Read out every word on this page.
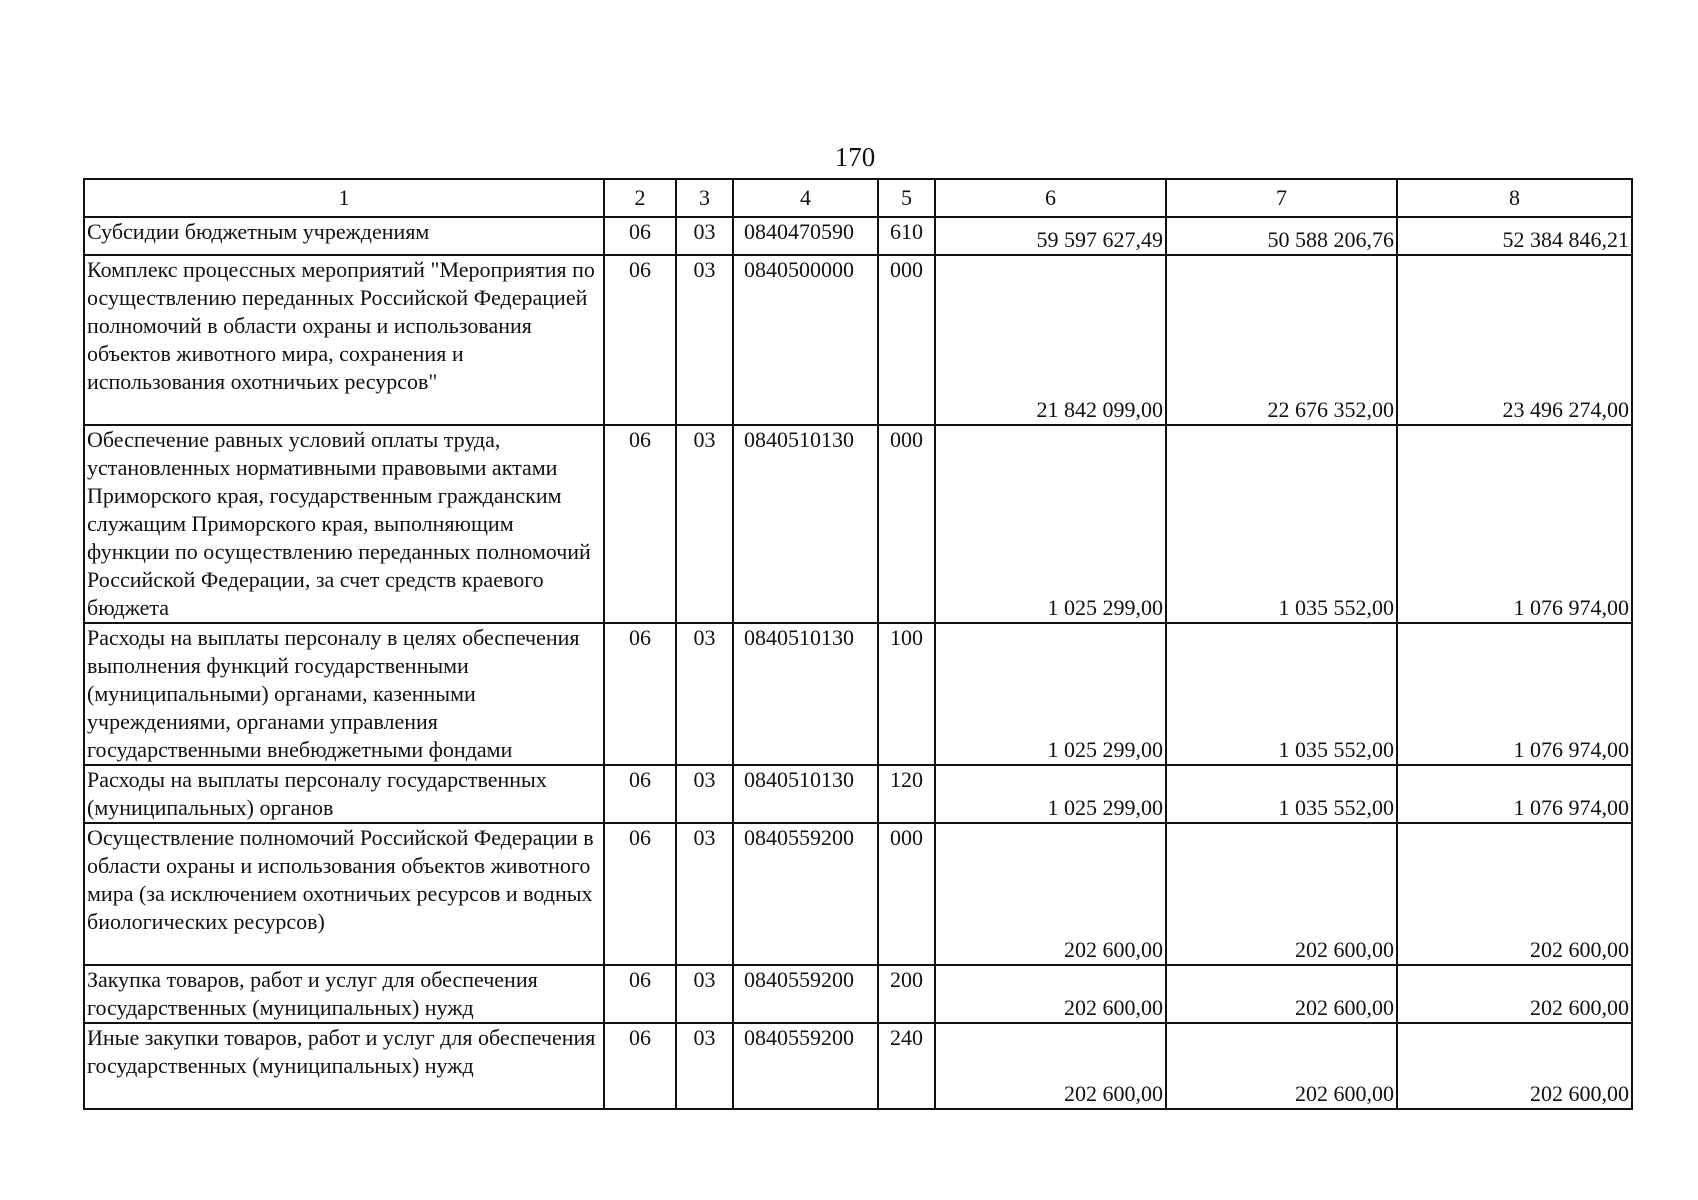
170
1	2	3	4	5	6	7	8
Субсидии бюджетным учреждениям	06	03	0840470590	610	59 597 627,49	50 588 206,76	52 384 846,21
Комплекс процессных мероприятий "Мероприятия по осуществлению переданных Российской Федерацией полномочий в области охраны и использования объектов животного мира, сохранения и использования охотничьих ресурсов"	06	03	0840500000	000	21 842 099,00	22 676 352,00	23 496 274,00
Обеспечение равных условий оплаты труда, установленных нормативными правовыми актами Приморского края, государственным гражданским служащим Приморского края, выполняющим функции по осуществлению переданных полномочий Российской Федерации, за счет средств краевого бюджета	06	03	0840510130	000	1 025 299,00	1 035 552,00	1 076 974,00
Расходы на выплаты персоналу в целях обеспечения выполнения функций государственными (муниципальными) органами, казенными учреждениями, органами управления государственными внебюджетными фондами	06	03	0840510130	100	1 025 299,00	1 035 552,00	1 076 974,00
Расходы на выплаты персоналу государственных (муниципальных) органов	06	03	0840510130	120	1 025 299,00	1 035 552,00	1 076 974,00
Осуществление полномочий Российской Федерации в области охраны и использования объектов животного мира (за исключением охотничьих ресурсов и водных биологических ресурсов)	06	03	0840559200	000	202 600,00	202 600,00	202 600,00
Закупка товаров, работ и услуг для обеспечения государственных (муниципальных) нужд	06	03	0840559200	200	202 600,00	202 600,00	202 600,00
Иные закупки товаров, работ и услуг для обеспечения государственных (муниципальных) нужд	06	03	0840559200	240	202 600,00	202 600,00	202 600,00
